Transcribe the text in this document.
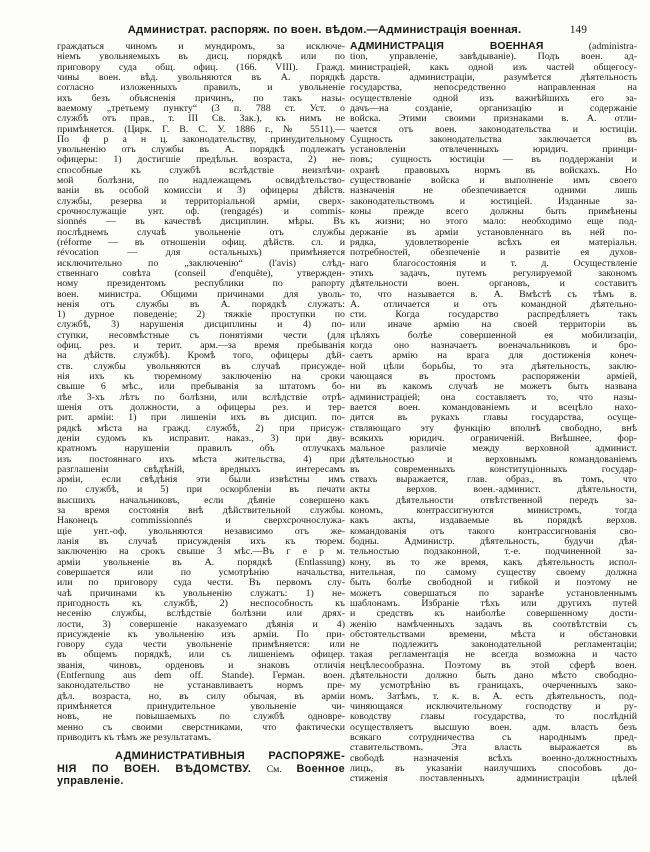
Администрат. распоряж. по воен. вѣдом.—Администрація военная.	149
граждаться чиномъ и мундиромъ, за исключе-
ніемъ увольняемыхъ въ дисц. порядкѣ или по
приговору суда общ. офиц. (166. VIII). Гражд.
чины воен. вѣд. увольняются въ А. порядкѣ
согласно изложенныхъ правилъ, и увольненіе
ихъ безъ объясненія причинъ, по такъ назы-
ваемому „третьему пункту“ (3 п. 788 ст. Уст. о
службѣ отъ прав., т. III Св. Зак.), къ нимъ не
примѣняется. (Цирк. Г. В. С. У. 1886 г., № 5511).—
По ф р а н ц. законодательству, принудительному
увольненію отъ службы въ А. порядкѣ подлежатъ
офицеры: 1) достигшіе предѣльн. возраста, 2) не-
способные къ службѣ вслѣдствіе неизлѣчи-
мой болѣзни, по надлежащемъ освидѣтельство-
ваніи въ особой комиссіи и 3) офицеры дѣйств.
службы, резерва и территоріальной арміи, сверх-
срочнослужащіе унт. оф. (rengagés) и commis-
sionnés — въ качествѣ дисциплин. мѣры. Въ
послѣднемъ случаѣ увольненіе отъ службы
(réforme — въ отношеніи офиц. дѣйств. сл. и
révocation — для остальныхъ) примѣняется
исключительно по „заключенію“ (l'avis) слѣд-
ственнаго совѣта (conseil d'enquête), утвержден-
ному президентомъ республики по рапорту
воен. министра. Общими причинами для уволь-
ненія отъ службы въ А. порядкѣ служатъ:
1) дурное поведеніе; 2) тяжкіе проступки по
службѣ, 3) нарушенія дисциплины и 4) по-
ступки, несовмѣстные съ понятіями чести (для
офиц. рез. и терит. арм.—за время пребыванія
на дѣйств. службѣ). Кромѣ того, офицеры дѣй-
ств. службы увольняются въ случаѣ присужде-
нія ихъ къ тюремному заключенію на сроки
свыше 6 мѣс., или пребыванія за штатомъ бо-
лѣе 3-хъ лѣтъ по болѣзни, или вслѣдствіе отрѣ-
шенія отъ должности, а офицеры рез. и тер-
рит. арміи: 1) при лишеніи ихъ въ дисцип. по-
рядкѣ мѣста на гражд. службѣ, 2) при присуж-
деніи судомъ къ исправит. наказ., 3) при дву-
кратномъ нарушеніи правилъ объ отлучкахъ
изъ постояннаго ихъ мѣста жительства, 4) при
разглашеніи свѣдѣній, вредныхъ интересамъ
арміи, если свѣдѣнія эти были извѣстны имъ
по службѣ, и 5) при оскорбленіи въ печати
высшихъ начальниковъ, если дѣяніе совершено
за время состоянія внѣ дѣйствительной службы.
Наконецъ commissionnés и сверхсрочнослужа-
щіе унт.-оф. увольняются независимо отъ же-
ланія въ случаѣ присужденія ихъ къ тюрем.
заключенію на срокъ свыше 3 мѣс.—Въ г е р м.
арміи увольненіе въ А. порядкѣ (Entlassung)
совершается или по усмотрѣнію начальства,
или по приговору суда чести. Въ первомъ слу-
чаѣ причинами къ увольненію служатъ: 1) не-
пригодность къ службѣ, 2) неспособность къ
несенію службы, вслѣдствіе болѣзни или дрях-
лости, 3) совершеніе наказуемаго дѣянія и 4)
присужденіе къ увольненію изъ арміи. По при-
говору суда чести увольненіе примѣняется: или
въ общемъ порядкѣ, или съ лишеніемъ офицер.
званія, чиновъ, орденовъ и знаковъ отличія
(Entfernung aus dem off. Stande). Герман. воен.
законодательство не устанавливаетъ нормъ пре-
дѣл. возраста, но, въ силу обычая, въ арміи
примѣняется принудительное увольненіе чи-
новъ, не повышаемыхъ по службѣ одновре-
менно съ своими сверстниками, что фактически
приводитъ къ тѣмъ же результатамъ.
АДМИНИСТРАТИВНЫЯ РАСПОРЯЖЕ-
НІЯ ПО ВОЕН. ВѢДОМСТВУ. См. Военное
управленіе.
АДМИНИСТРАЦІЯ ВОЕННАЯ (administra-
tion, управленіе, завѣдываніе). Подъ воен. ад-
министраціей, какъ одной изъ частей общегосу-
дарств. администраціи, разумѣется дѣятельность
государства, непосредственно направленная на
осуществленіе одной изъ важнѣйшихъ его за-
дачъ—на созданіе, организацію и содержаніе
войска. Этими своими признаками в. А. отли-
чается отъ воен. законодательства и юстиціи.
Сущность законодательства заключается въ
установленіи отвлеченныхъ юридич. принци-
повъ; сущность юстиціи — въ поддержаніи и
охранѣ правовыхъ нормъ въ войскахъ. Но
существованіе войска и выполненіе имъ своего
назначенія не обезпечивается одними лишь
законодательствомъ и юстиціей. Изданные за-
коны прежде всего должны быть примѣнены
къ жизни; но этого мало: необходимо еще под-
держаніе въ арміи установленнаго въ ней по-
рядка, удовлетвореніе всѣхъ ея матеріальн.
потребностей, обезпеченіе и развитіе ея духов-
наго благосостоянія и т. д. Осуществленіе
этихъ задачъ, путемъ регулируемой закономъ
дѣятельности воен. органовъ, и составитъ
то, что называется в. А. Вмѣстѣ съ тѣмъ в.
А. отличается и отъ командной дѣятельно-
сти. Когда государство распредѣляетъ такъ
или иначе армію на своей территоріи въ
цѣляхъ болѣе совершенной ея мобилизаціи,
когда оно назначаетъ военачальниковъ и бро-
саетъ армію на врага для достиженія конеч-
ной цѣли борьбы, то эта дѣятельность, заклю-
чающаяся въ простомъ распоряженіи арміей,
ни въ какомъ случаѣ не можетъ быть названа
администраціей; она составляетъ то, что назы-
вается воен. командованіемъ и всецѣло нахо-
дится въ рукахъ главы государства, осуще-
ствляющаго эту функцію вполнѣ свободно, внѣ
всякихъ юридич. ограниченій. Внѣшнее, фор-
мальное различіе между верховной админист.
дѣятельностью и верховнымъ командованіемъ
въ современныхъ конституціонныхъ государ-
ствахъ выражается, глав. образ., въ томъ, что
акты верхов. воен.-админист. дѣятельности,
какъ дѣятельности отвѣтственной передъ за-
кономъ, контрассигнуются министромъ, тогда
какъ акты, издаваемые въ порядкѣ верхов.
командованія отъ такого контрассигнованія сво-
бодны. Администр. дѣятельность, будучи дѣя-
тельностью подзаконной, т.-е. подчиненной за-
кону, въ то же время, какъ дѣятельность испол-
нительная, по самому существу своему должна
быть болѣе свободной и гибкой и поэтому не
можетъ совершаться по заранѣе установленнымъ
шаблонамъ. Избраніе тѣхъ или другихъ путей
и средствъ къ наиболѣе совершенному дости-
женію намѣченныхъ задачъ въ соотвѣтствіи съ
обстоятельствами времени, мѣста и обстановки
не подлежитъ законодательной регламентаціи;
такая регламентація не всегда возможна и часто
нецѣлесообразна. Поэтому въ этой сферѣ воен.
дѣятельности должно быть дано мѣсто свободно-
му усмотрѣнію въ границахъ, очерченныхъ зако-
номъ. Затѣмъ, т. к. в. А. есть дѣятельность, под-
чиняющаяся исключительному господству и ру-
ководству главы государства, то послѣдній
осуществляетъ высшую воен. адм. власть безъ
всякаго сотрудничества съ народнымъ пред-
ставительствомъ. Эта власть выражается въ
свободѣ назначенія всѣхъ военно-должностныхъ
лицъ, въ указаніи наилучшихъ способовъ до-
стиженія поставленныхъ администраціи цѣлей
